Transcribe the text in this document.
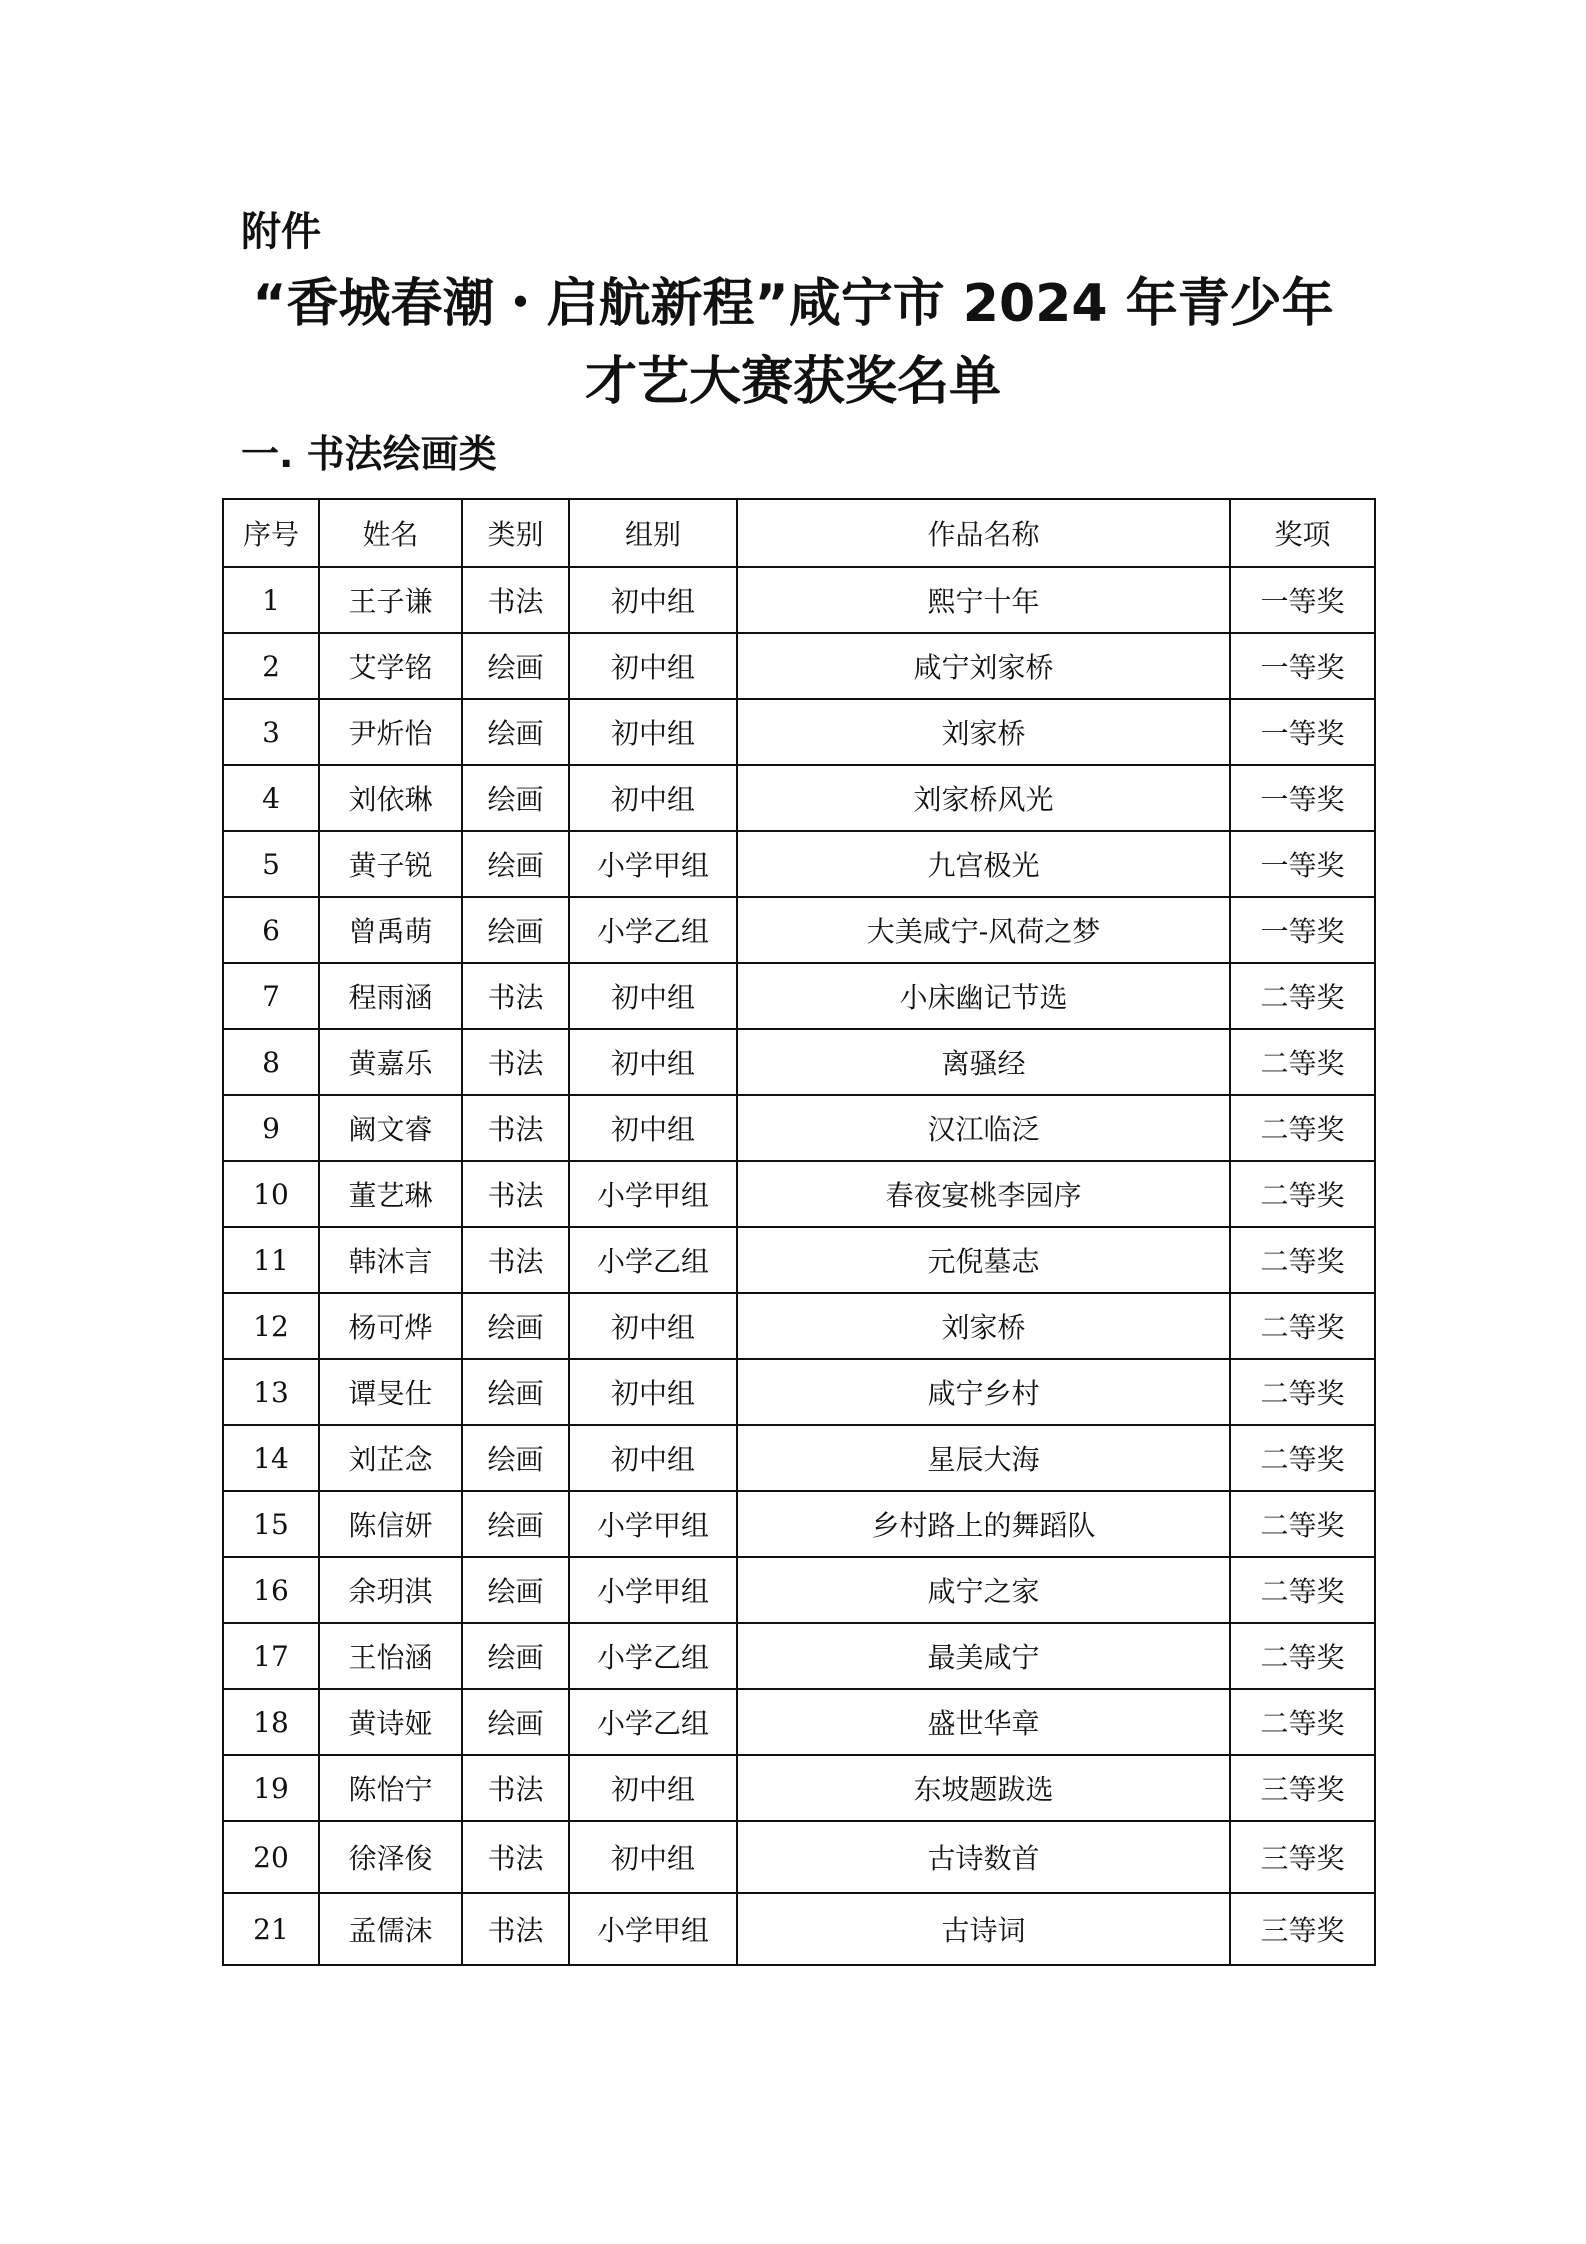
附件
“香城春潮・启航新程”咸宁市 2024 年青少年
才艺大赛获奖名单
一. 书法绘画类
序号	姓名	类别	组别	作品名称	奖项
1	王子谦	书法	初中组	熙宁十年	一等奖
2	艾学铭	绘画	初中组	咸宁刘家桥	一等奖
3	尹炘怡	绘画	初中组	刘家桥	一等奖
4	刘依琳	绘画	初中组	刘家桥风光	一等奖
5	黄子锐	绘画	小学甲组	九宫极光	一等奖
6	曾禹萌	绘画	小学乙组	大美咸宁-风荷之梦	一等奖
7	程雨涵	书法	初中组	小床幽记节选	二等奖
8	黄嘉乐	书法	初中组	离骚经	二等奖
9	阚文睿	书法	初中组	汉江临泛	二等奖
10	董艺琳	书法	小学甲组	春夜宴桃李园序	二等奖
11	韩沐言	书法	小学乙组	元倪墓志	二等奖
12	杨可烨	绘画	初中组	刘家桥	二等奖
13	谭旻仕	绘画	初中组	咸宁乡村	二等奖
14	刘芷念	绘画	初中组	星辰大海	二等奖
15	陈信妍	绘画	小学甲组	乡村路上的舞蹈队	二等奖
16	余玥淇	绘画	小学甲组	咸宁之家	二等奖
17	王怡涵	绘画	小学乙组	最美咸宁	二等奖
18	黄诗娅	绘画	小学乙组	盛世华章	二等奖
19	陈怡宁	书法	初中组	东坡题跋选	三等奖
20	徐泽俊	书法	初中组	古诗数首	三等奖
21	孟儒沫	书法	小学甲组	古诗词	三等奖
